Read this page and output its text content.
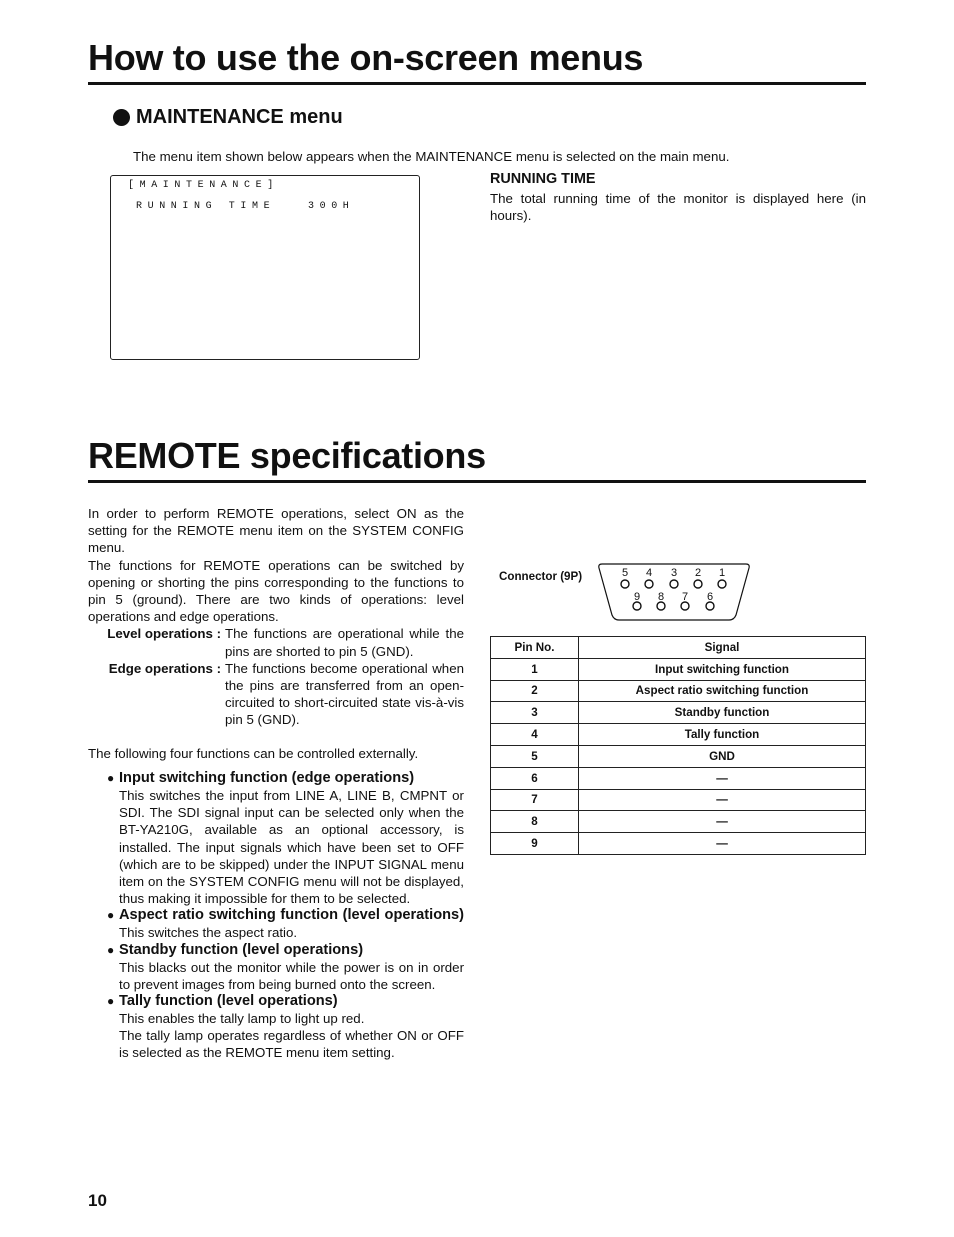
How to use the on-screen menus
MAINTENANCE menu
The menu item shown below appears when the MAINTENANCE menu is selected on the main menu.
[MAINTENANCE]
RUNNING TIME	300H
RUNNING TIME
The total running time of the monitor is displayed here (in hours).
REMOTE specifications
In order to perform REMOTE operations, select ON as the setting for the REMOTE menu item on the SYSTEM CONFIG menu.
The functions for REMOTE operations can be switched by opening or shorting the pins corresponding to the functions to pin 5 (ground). There are two kinds of operations: level operations and edge operations.
Level operations : The functions are operational while the pins are shorted to pin 5 (GND).
Edge operations : The functions become operational when the pins are transferred from an open-circuited to short-circuited state vis-à-vis pin 5 (GND).
The following four functions can be controlled externally.
● Input switching function (edge operations)
This switches the input from LINE A, LINE B, CMPNT or SDI. The SDI signal input can be selected only when the BT-YA210G, available as an optional accessory, is installed. The input signals which have been set to OFF (which are to be skipped) under the INPUT SIGNAL menu item on the SYSTEM CONFIG menu will not be displayed, thus making it impossible for them to be selected.
● Aspect ratio switching function (level operations)
This switches the aspect ratio.
● Standby function (level operations)
This blacks out the monitor while the power is on in order to prevent images from being burned onto the screen.
● Tally function (level operations)
This enables the tally lamp to light up red.
The tally lamp operates regardless of whether ON or OFF is selected as the REMOTE menu item setting.
Connector (9P)	5 4 3 2 1
9 8 7 6
Pin No.	Signal
1	Input switching function
2	Aspect ratio switching function
3	Standby function
4	Tally function
5	GND
6	—
7	—
8	—
9	—
10
